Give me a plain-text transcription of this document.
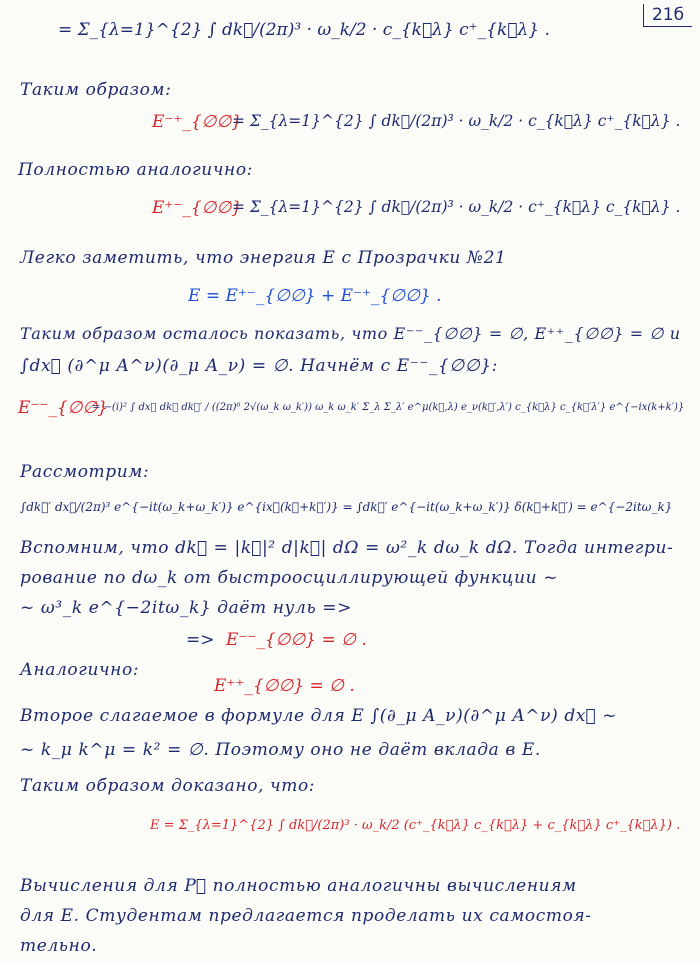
21б
= Σ_{λ=1}^{2} ∫ dk⃗/(2π)³ · ω_k/2 · c_{k⃗λ} c⁺_{k⃗λ} .
Таким образом:
E⁻⁺_{∅∅}
= Σ_{λ=1}^{2} ∫ dk⃗/(2π)³ · ω_k/2 · c_{k⃗λ} c⁺_{k⃗λ} .
Полностью аналогично:
E⁺⁻_{∅∅}
= Σ_{λ=1}^{2} ∫ dk⃗/(2π)³ · ω_k/2 · c⁺_{k⃗λ} c_{k⃗λ} .
Легко заметить, что энергия E с Прозрачки №21
E = E⁺⁻_{∅∅} + E⁻⁺_{∅∅} .
Таким образом осталось показать, что E⁻⁻_{∅∅} = ∅, E⁺⁺_{∅∅} = ∅ и
∫dx⃗ (∂^μ A^ν)(∂_μ A_ν) = ∅. Начнём с E⁻⁻_{∅∅}:
E⁻⁻_{∅∅}
= −(i)² ∫ dx⃗ dk⃗ dk⃗′ / ((2π)⁶ 2√(ω_k ω_k′)) ω_k ω_k′ Σ_λ Σ_λ′ e^μ(k⃗,λ) e_ν(k⃗′,λ′) c_{k⃗λ} c_{k⃗′λ′} e^{−ix(k+k′)}
Рассмотрим:
∫dk⃗′ dx⃗/(2π)³ e^{−it(ω_k+ω_k′)} e^{ix⃗(k⃗+k⃗′)} = ∫dk⃗′ e^{−it(ω_k+ω_k′)} δ(k⃗+k⃗′) = e^{−2itω_k}
Вспомним, что dk⃗ = |k⃗|² d|k⃗| dΩ = ω²_k dω_k dΩ. Тогда интегри-
рование по dω_k от быстроосциллирующей функции ~
~ ω³_k e^{−2itω_k} даёт нуль =>
=> E⁻⁻_{∅∅} = ∅ .
Аналогично:
E⁺⁺_{∅∅} = ∅ .
Второе слагаемое в формуле для E ∫(∂_μ A_ν)(∂^μ A^ν) dx⃗ ~
~ k_μ k^μ = k² = ∅. Поэтому оно не даёт вклада в E.
Таким образом доказано, что:
E = Σ_{λ=1}^{2} ∫ dk⃗/(2π)³ · ω_k/2 (c⁺_{k⃗λ} c_{k⃗λ} + c_{k⃗λ} c⁺_{k⃗λ}) .
Вычисления для P⃗ полностью аналогичны вычислениям
для E. Студентам предлагается проделать их самостоя-
тельно.
